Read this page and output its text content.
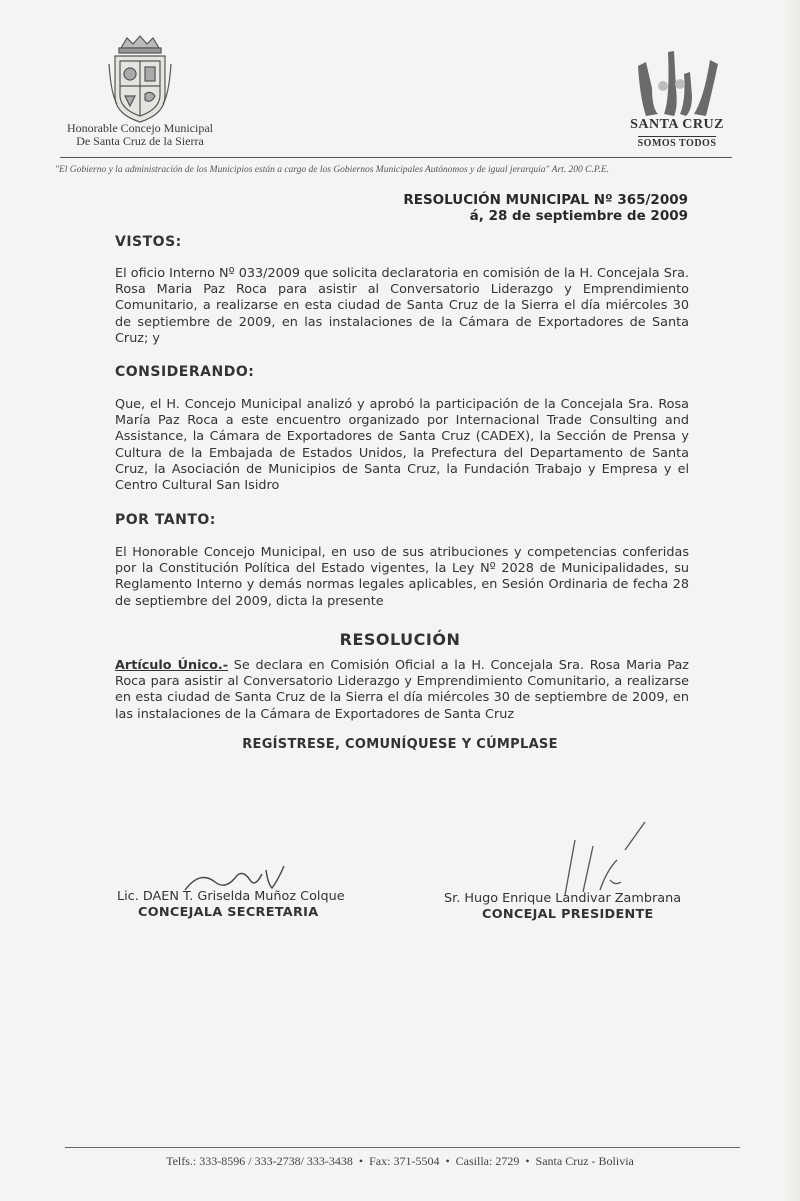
Honorable Concejo Municipal
De Santa Cruz de la Sierra
SANTA CRUZ
SOMOS TODOS
"El Gobierno y la administración de los Municipios están a cargo de los Gobiernos Municipales Autónomos y de igual jerarquía" Art. 200 C.P.E.
RESOLUCIÓN MUNICIPAL Nº 365/2009
á, 28 de septiembre de 2009
VISTOS:
El oficio Interno Nº 033/2009 que solicita declaratoria en comisión de la H. Concejala Sra. Rosa Maria Paz Roca para asistir al Conversatorio Liderazgo y Emprendimiento Comunitario, a realizarse en esta ciudad de Santa Cruz de la Sierra el día miércoles 30 de septiembre de 2009, en las instalaciones de la Cámara de Exportadores de Santa Cruz; y
CONSIDERANDO:
Que, el H. Concejo Municipal analizó y aprobó la participación de la Concejala Sra. Rosa María Paz Roca a este encuentro organizado por Internacional Trade Consulting and Assistance, la Cámara de Exportadores de Santa Cruz (CADEX), la Sección de Prensa y Cultura de la Embajada de Estados Unidos, la Prefectura del Departamento de Santa Cruz, la Asociación de Municipios de Santa Cruz, la Fundación Trabajo y Empresa y el Centro Cultural San Isidro
POR TANTO:
El Honorable Concejo Municipal, en uso de sus atribuciones y competencias conferidas por la Constitución Política del Estado vigentes, la Ley Nº 2028 de Municipalidades, su Reglamento Interno y demás normas legales aplicables, en Sesión Ordinaria de fecha 28 de septiembre del 2009, dicta la presente
RESOLUCIÓN
Artículo Único.- Se declara en Comisión Oficial a la H. Concejala Sra. Rosa Maria Paz Roca para asistir al Conversatorio Liderazgo y Emprendimiento Comunitario, a realizarse en esta ciudad de Santa Cruz de la Sierra el día miércoles 30 de septiembre de 2009, en las instalaciones de la Cámara de Exportadores de Santa Cruz
REGÍSTRESE, COMUNÍQUESE Y CÚMPLASE
Lic. DAEN T. Griselda Muñoz Colque
CONCEJALA SECRETARIA
Sr. Hugo Enrique Landivar Zambrana
CONCEJAL PRESIDENTE
Telfs.: 333-8596 / 333-2738/ 333-3438 • Fax: 371-5504 • Casilla: 2729 • Santa Cruz - Bolivia
